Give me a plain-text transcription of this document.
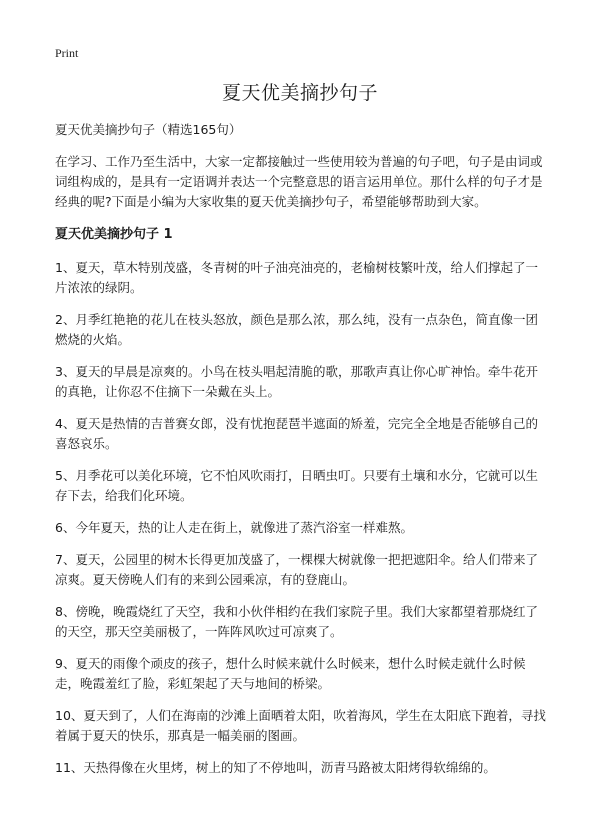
Print
夏天优美摘抄句子

夏天优美摘抄句子（精选165句）

在学习、工作乃至生活中，大家一定都接触过一些使用较为普遍的句子吧，句子是由词或词组构成的，是具有一定语调并表达一个完整意思的语言运用单位。那什么样的句子才是经典的呢?下面是小编为大家收集的夏天优美摘抄句子，希望能够帮助到大家。

夏天优美摘抄句子 1

1、夏天，草木特别茂盛，冬青树的叶子油亮油亮的，老榆树枝繁叶茂，给人们撑起了一片浓浓的绿阴。

2、月季红艳艳的花儿在枝头怒放，颜色是那么浓，那么纯，没有一点杂色，简直像一团燃烧的火焰。

3、夏天的早晨是凉爽的。小鸟在枝头唱起清脆的歌，那歌声真让你心旷神怡。牵牛花开的真艳，让你忍不住摘下一朵戴在头上。

4、夏天是热情的吉普赛女郎，没有忧抱琵琶半遮面的矫羞，完完全全地是否能够自己的喜怒哀乐。

5、月季花可以美化环境，它不怕风吹雨打，日晒虫叮。只要有土壤和水分，它就可以生存下去，给我们化环境。

6、今年夏天，热的让人走在街上，就像进了蒸汽浴室一样难熬。

7、夏天，公园里的树木长得更加茂盛了，一棵棵大树就像一把把遮阳伞。给人们带来了凉爽。夏天傍晚人们有的来到公园乘凉，有的登鹿山。

8、傍晚，晚霞烧红了天空，我和小伙伴相约在我们家院子里。我们大家都望着那烧红了的天空，那天空美丽极了，一阵阵风吹过可凉爽了。

9、夏天的雨像个顽皮的孩子，想什么时候来就什么时候来，想什么时候走就什么时候走，晚霞羞红了脸，彩虹架起了天与地间的桥梁。

10、夏天到了，人们在海南的沙滩上面晒着太阳，吹着海风，学生在太阳底下跑着，寻找着属于夏天的快乐，那真是一幅美丽的图画。

11、天热得像在火里烤，树上的知了不停地叫，沥青马路被太阳烤得软绵绵的。
